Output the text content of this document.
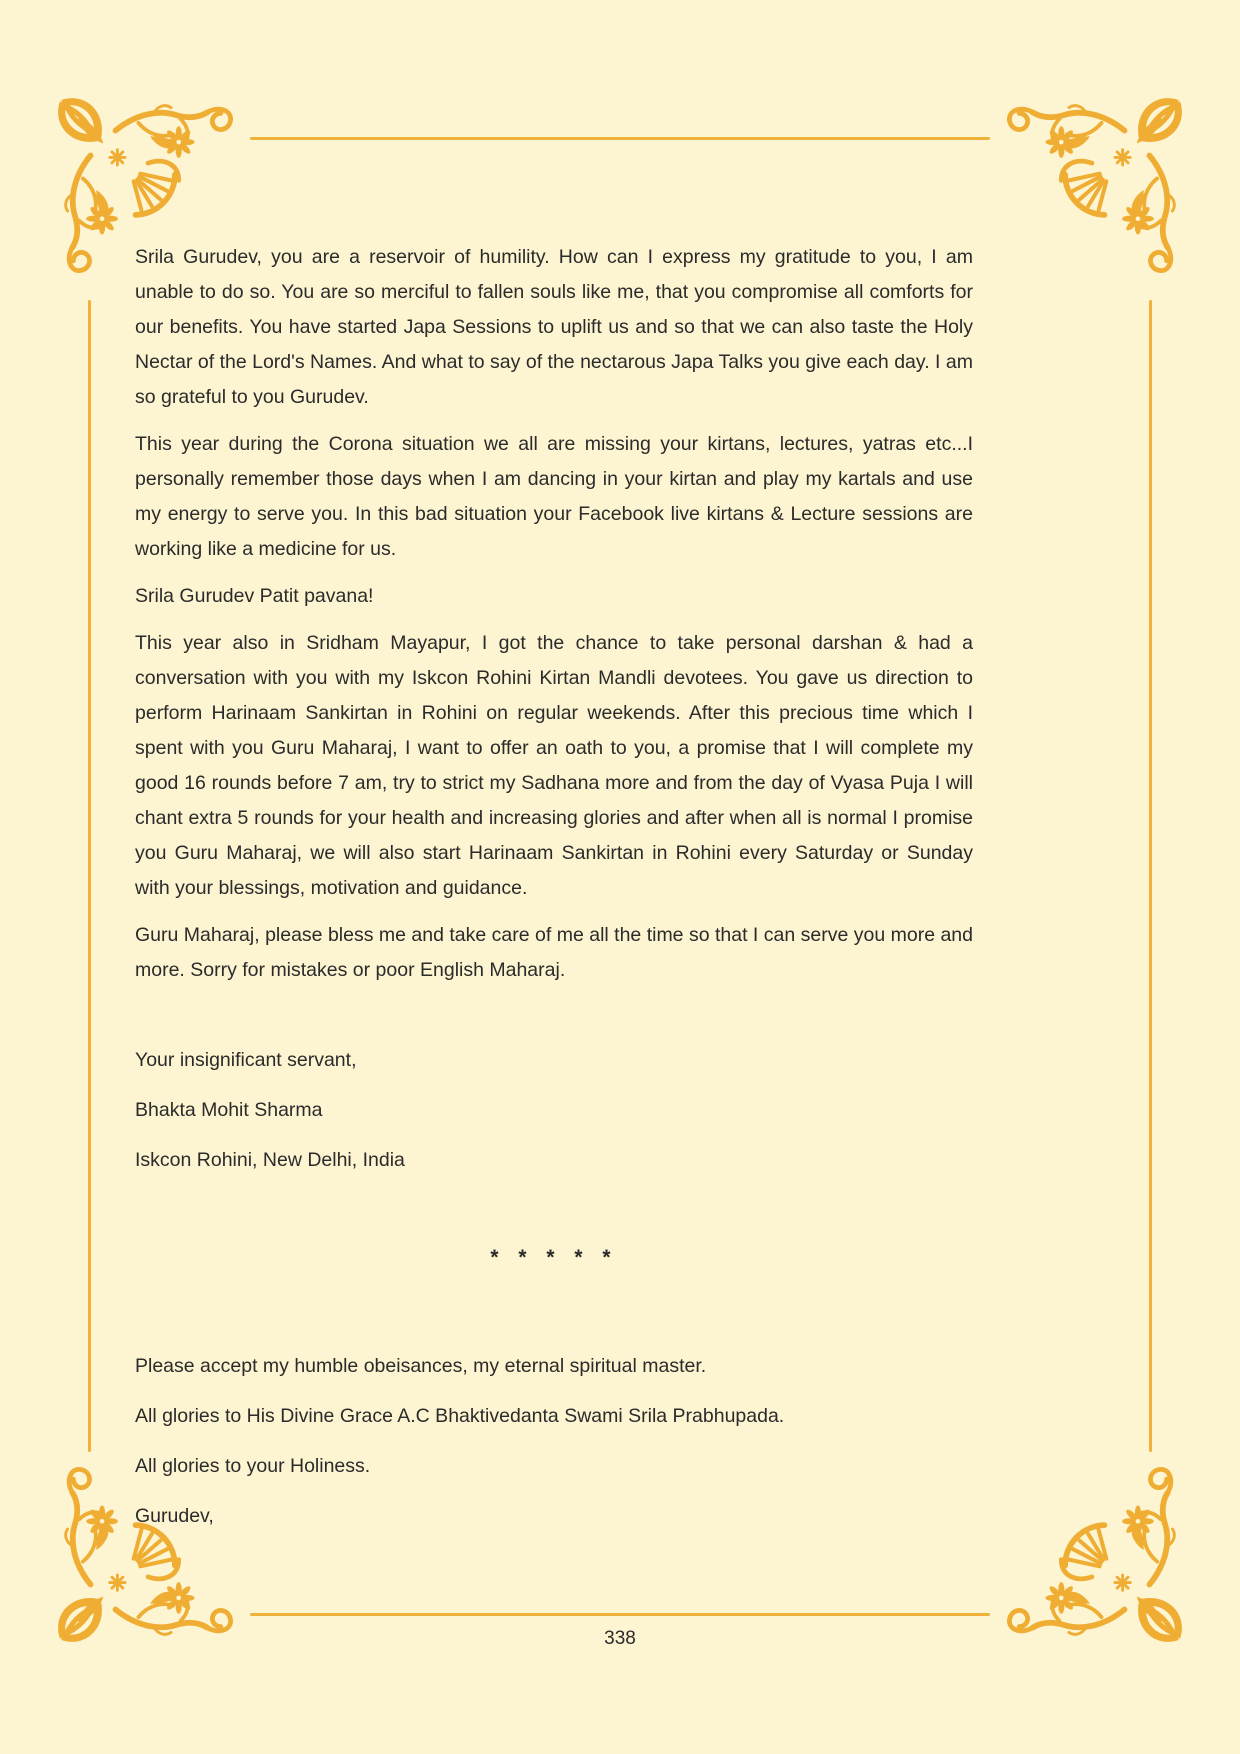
Srila Gurudev, you are a reservoir of humility. How can I express my gratitude to you, I am unable to do so. You are so merciful to fallen souls like me, that you compromise all comforts for our benefits. You have started Japa Sessions to uplift us and so that we can also taste the Holy Nectar of the Lord's Names. And what to say of the nectarous Japa Talks you give each day. I am so grateful to you Gurudev.

This year during the Corona situation we all are missing your kirtans, lectures, yatras etc...I personally remember those days when I am dancing in your kirtan and play my kartals and use my energy to serve you. In this bad situation your Facebook live kirtans & Lecture sessions are working like a medicine for us.

Srila Gurudev Patit pavana!

This year also in Sridham Mayapur, I got the chance to take personal darshan & had a conversation with you with my Iskcon Rohini Kirtan Mandli devotees. You gave us direction to perform Harinaam Sankirtan in Rohini on regular weekends. After this precious time which I spent with you Guru Maharaj, I want to offer an oath to you, a promise that I will complete my good 16 rounds before 7 am, try to strict my Sadhana more and from the day of Vyasa Puja I will chant extra 5 rounds for your health and increasing glories and after when all is normal I promise you Guru Maharaj, we will also start Harinaam Sankirtan in Rohini every Saturday or Sunday with your blessings, motivation and guidance.

Guru Maharaj, please bless me and take care of me all the time so that I can serve you more and more. Sorry for mistakes or poor English Maharaj.

Your insignificant servant,

Bhakta Mohit Sharma

Iskcon Rohini, New Delhi, India

* * * * *

Please accept my humble obeisances, my eternal spiritual master.

All glories to His Divine Grace A.C Bhaktivedanta Swami Srila Prabhupada.

All glories to your Holiness.

Gurudev,

338
